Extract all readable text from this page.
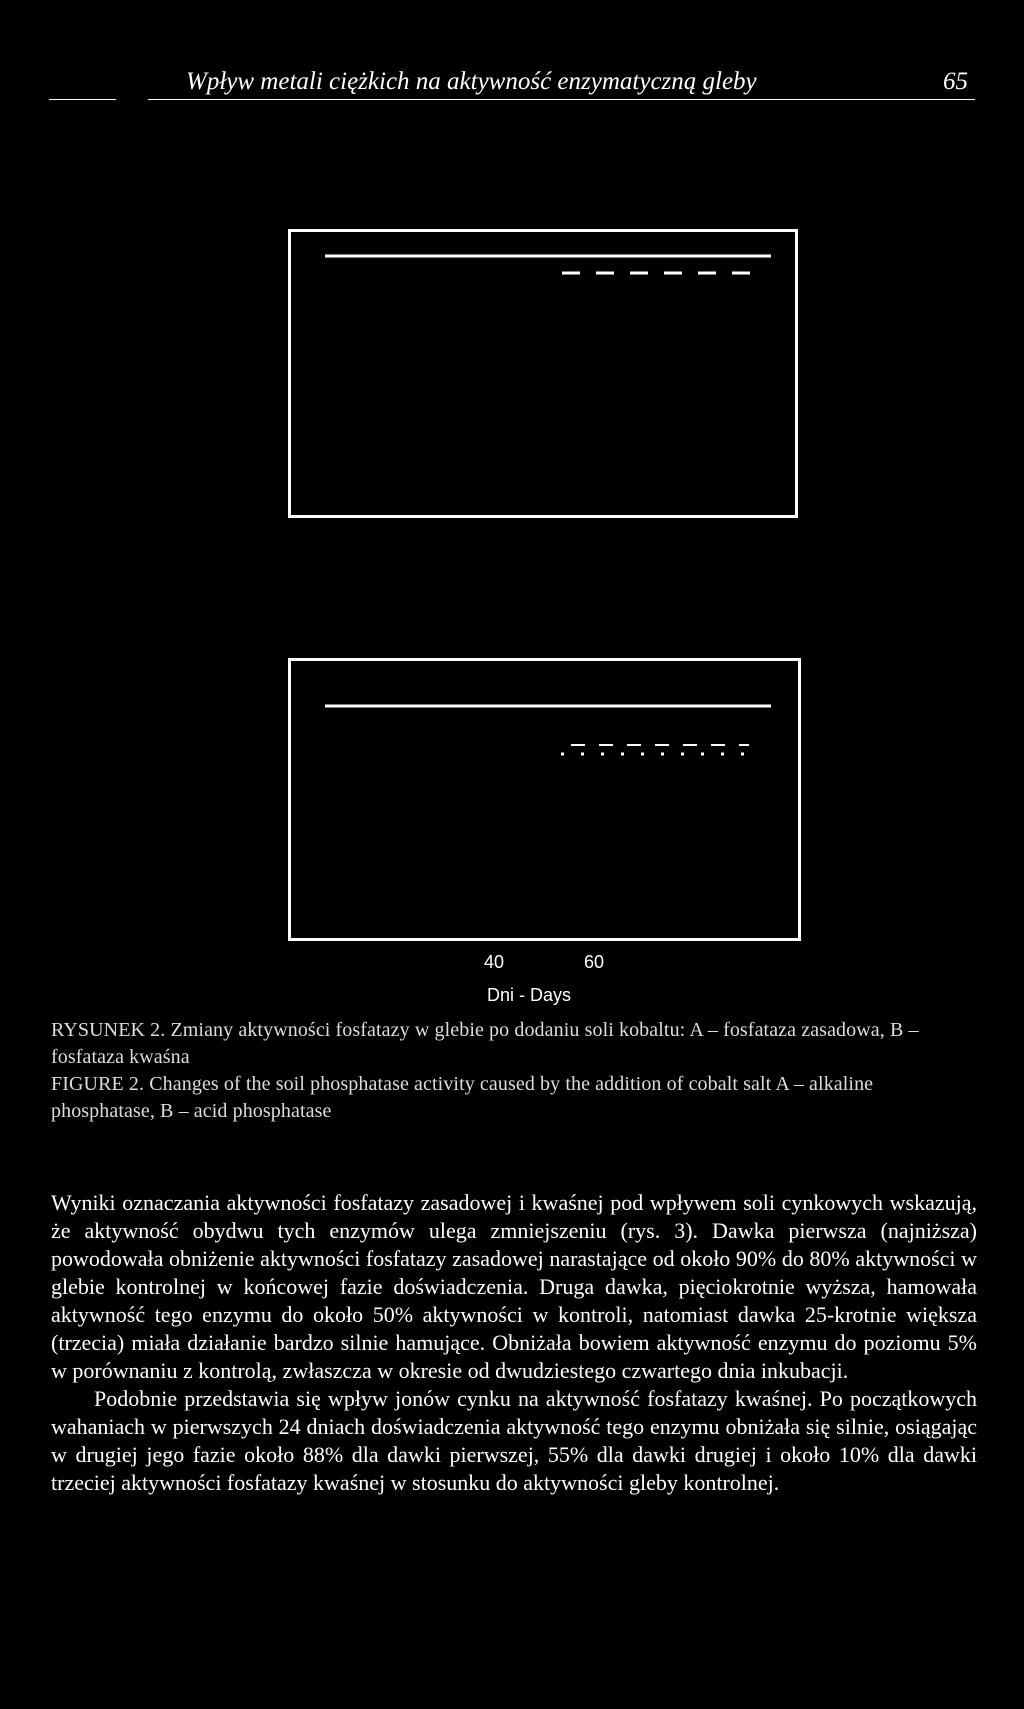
Wpływ metali ciężkich na aktywność enzymatyczną gleby	65
40	60
Dni - Days
RYSUNEK 2. Zmiany aktywności fosfatazy w glebie po dodaniu soli kobaltu: A – fosfataza zasadowa, B – fosfataza kwaśna
FIGURE 2. Changes of the soil phosphatase activity caused by the addition of cobalt salt A – alkaline phosphatase, B – acid phosphatase

Wyniki oznaczania aktywności fosfatazy zasadowej i kwaśnej pod wpływem soli cynkowych wskazują, że aktywność obydwu tych enzymów ulega zmniejszeniu (rys. 3). Dawka pierwsza (najniższa) powodowała obniżenie aktywności fosfatazy zasadowej narastające od około 90% do 80% aktywności w glebie kontrolnej w końcowej fazie doświadczenia. Druga dawka, pięciokrotnie wyższa, hamowała aktywność tego enzymu do około 50% aktywności w kontroli, natomiast dawka 25-krotnie większa (trzecia) miała działanie bardzo silnie hamujące. Obniżała bowiem aktywność enzymu do poziomu 5% w porównaniu z kontrolą, zwłaszcza w okresie od dwudziestego czwartego dnia inkubacji.

Podobnie przedstawia się wpływ jonów cynku na aktywność fosfatazy kwaśnej. Po początkowych wahaniach w pierwszych 24 dniach doświadczenia aktywność tego enzymu obniżała się silnie, osiągając w drugiej jego fazie około 88% dla dawki pierwszej, 55% dla dawki drugiej i około 10% dla dawki trzeciej aktywności fosfatazy kwaśnej w stosunku do aktywności gleby kontrolnej.
